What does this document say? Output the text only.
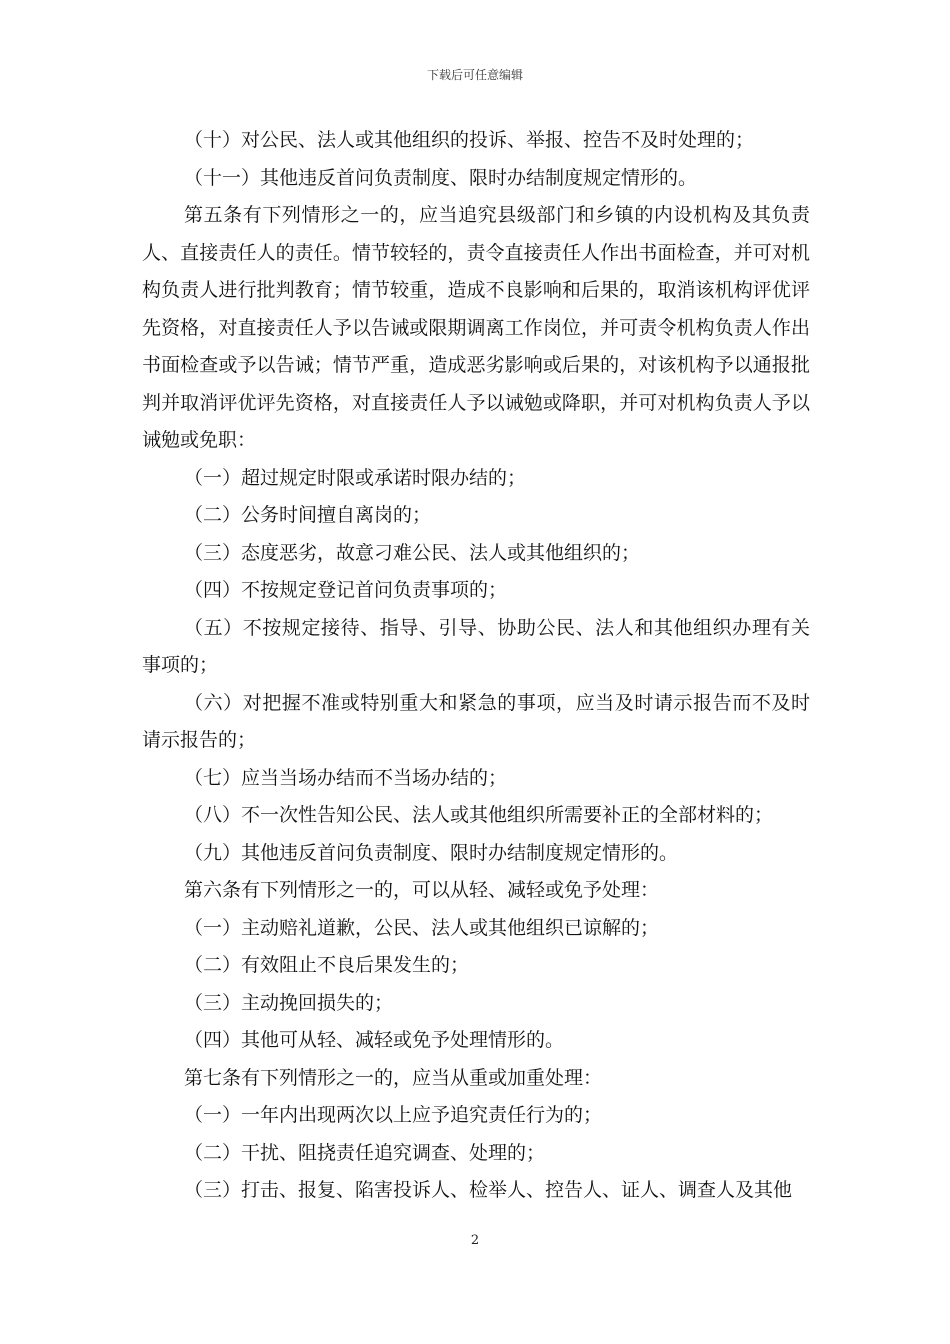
下载后可任意编辑

（十）对公民、法人或其他组织的投诉、举报、控告不及时处理的；

（十一）其他违反首问负责制度、限时办结制度规定情形的。

第五条有下列情形之一的，应当追究县级部门和乡镇的内设机构及其负责人、直接责任人的责任。情节较轻的，责令直接责任人作出书面检查，并可对机构负责人进行批判教育；情节较重，造成不良影响和后果的，取消该机构评优评先资格，对直接责任人予以告诫或限期调离工作岗位，并可责令机构负责人作出书面检查或予以告诫；情节严重，造成恶劣影响或后果的，对该机构予以通报批判并取消评优评先资格，对直接责任人予以诫勉或降职，并可对机构负责人予以诫勉或免职：

（一）超过规定时限或承诺时限办结的；

（二）公务时间擅自离岗的；

（三）态度恶劣，故意刁难公民、法人或其他组织的；

（四）不按规定登记首问负责事项的；

（五）不按规定接待、指导、引导、协助公民、法人和其他组织办理有关事项的；

（六）对把握不准或特别重大和紧急的事项，应当及时请示报告而不及时请示报告的；

（七）应当当场办结而不当场办结的；

（八）不一次性告知公民、法人或其他组织所需要补正的全部材料的；

（九）其他违反首问负责制度、限时办结制度规定情形的。

第六条有下列情形之一的，可以从轻、减轻或免予处理：

（一）主动赔礼道歉，公民、法人或其他组织已谅解的；

（二）有效阻止不良后果发生的；

（三）主动挽回损失的；

（四）其他可从轻、减轻或免予处理情形的。

第七条有下列情形之一的，应当从重或加重处理：

（一）一年内出现两次以上应予追究责任行为的；

（二）干扰、阻挠责任追究调查、处理的；

（三）打击、报复、陷害投诉人、检举人、控告人、证人、调查人及其他

2
